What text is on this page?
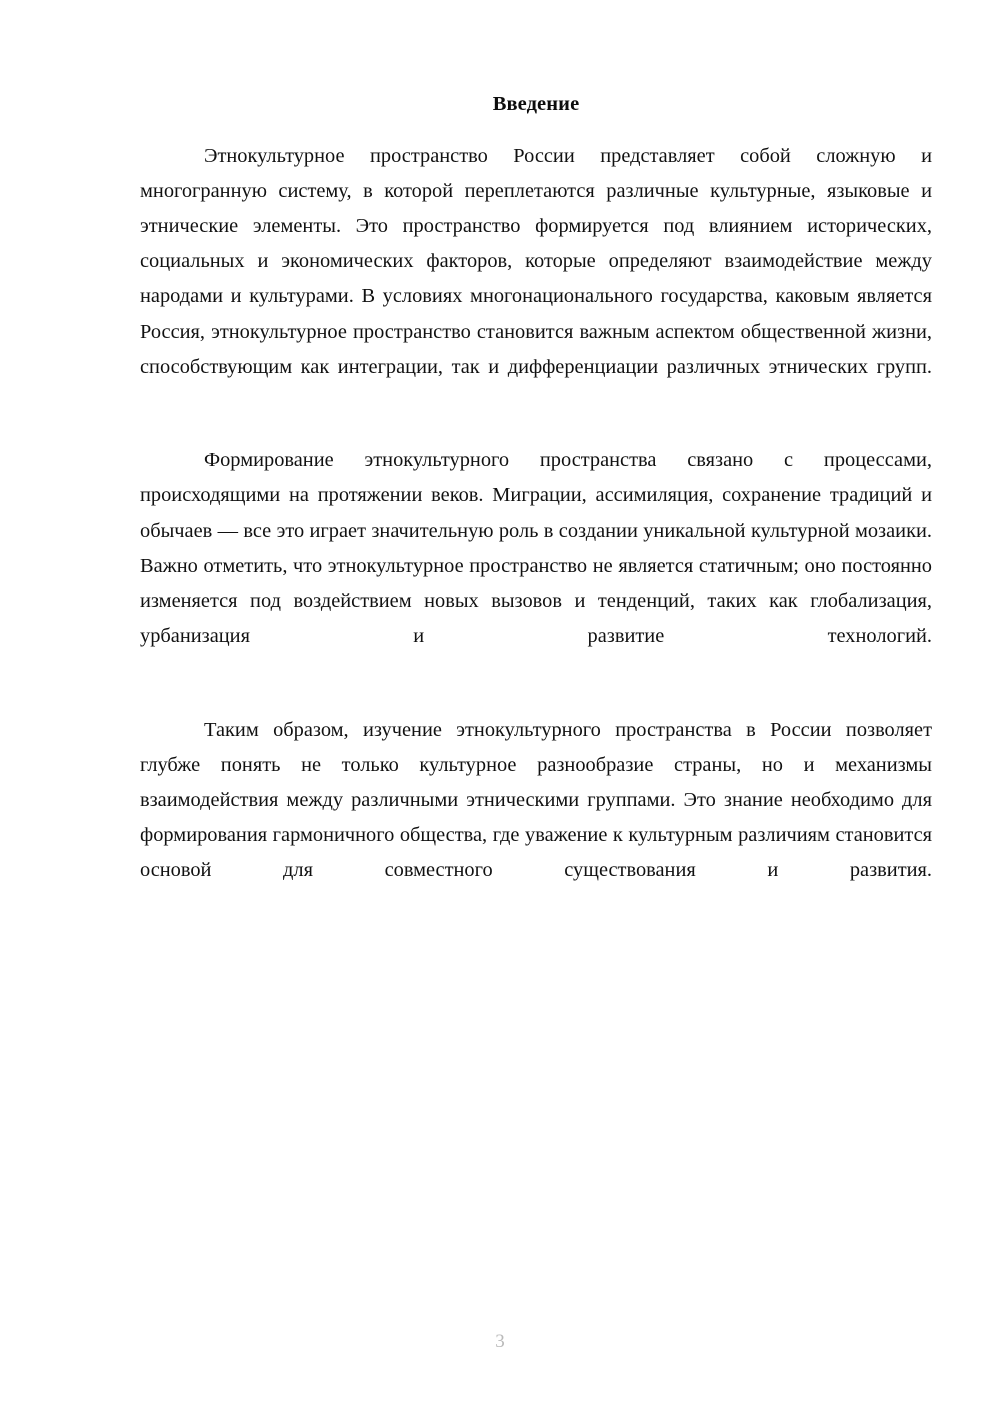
Введение

Этнокультурное пространство России представляет собой сложную и многогранную систему, в которой переплетаются различные культурные, языковые и этнические элементы. Это пространство формируется под влиянием исторических, социальных и экономических факторов, которые определяют взаимодействие между народами и культурами. В условиях многонационального государства, каковым является Россия, этнокультурное пространство становится важным аспектом общественной жизни, способствующим как интеграции, так и дифференциации различных этнических групп.

Формирование этнокультурного пространства связано с процессами, происходящими на протяжении веков. Миграции, ассимиляция, сохранение традиций и обычаев — все это играет значительную роль в создании уникальной культурной мозаики. Важно отметить, что этнокультурное пространство не является статичным; оно постоянно изменяется под воздействием новых вызовов и тенденций, таких как глобализация, урбанизация и развитие технологий.

Таким образом, изучение этнокультурного пространства в России позволяет глубже понять не только культурное разнообразие страны, но и механизмы взаимодействия между различными этническими группами. Это знание необходимо для формирования гармоничного общества, где уважение к культурным различиям становится основой для совместного существования и развития.

3
